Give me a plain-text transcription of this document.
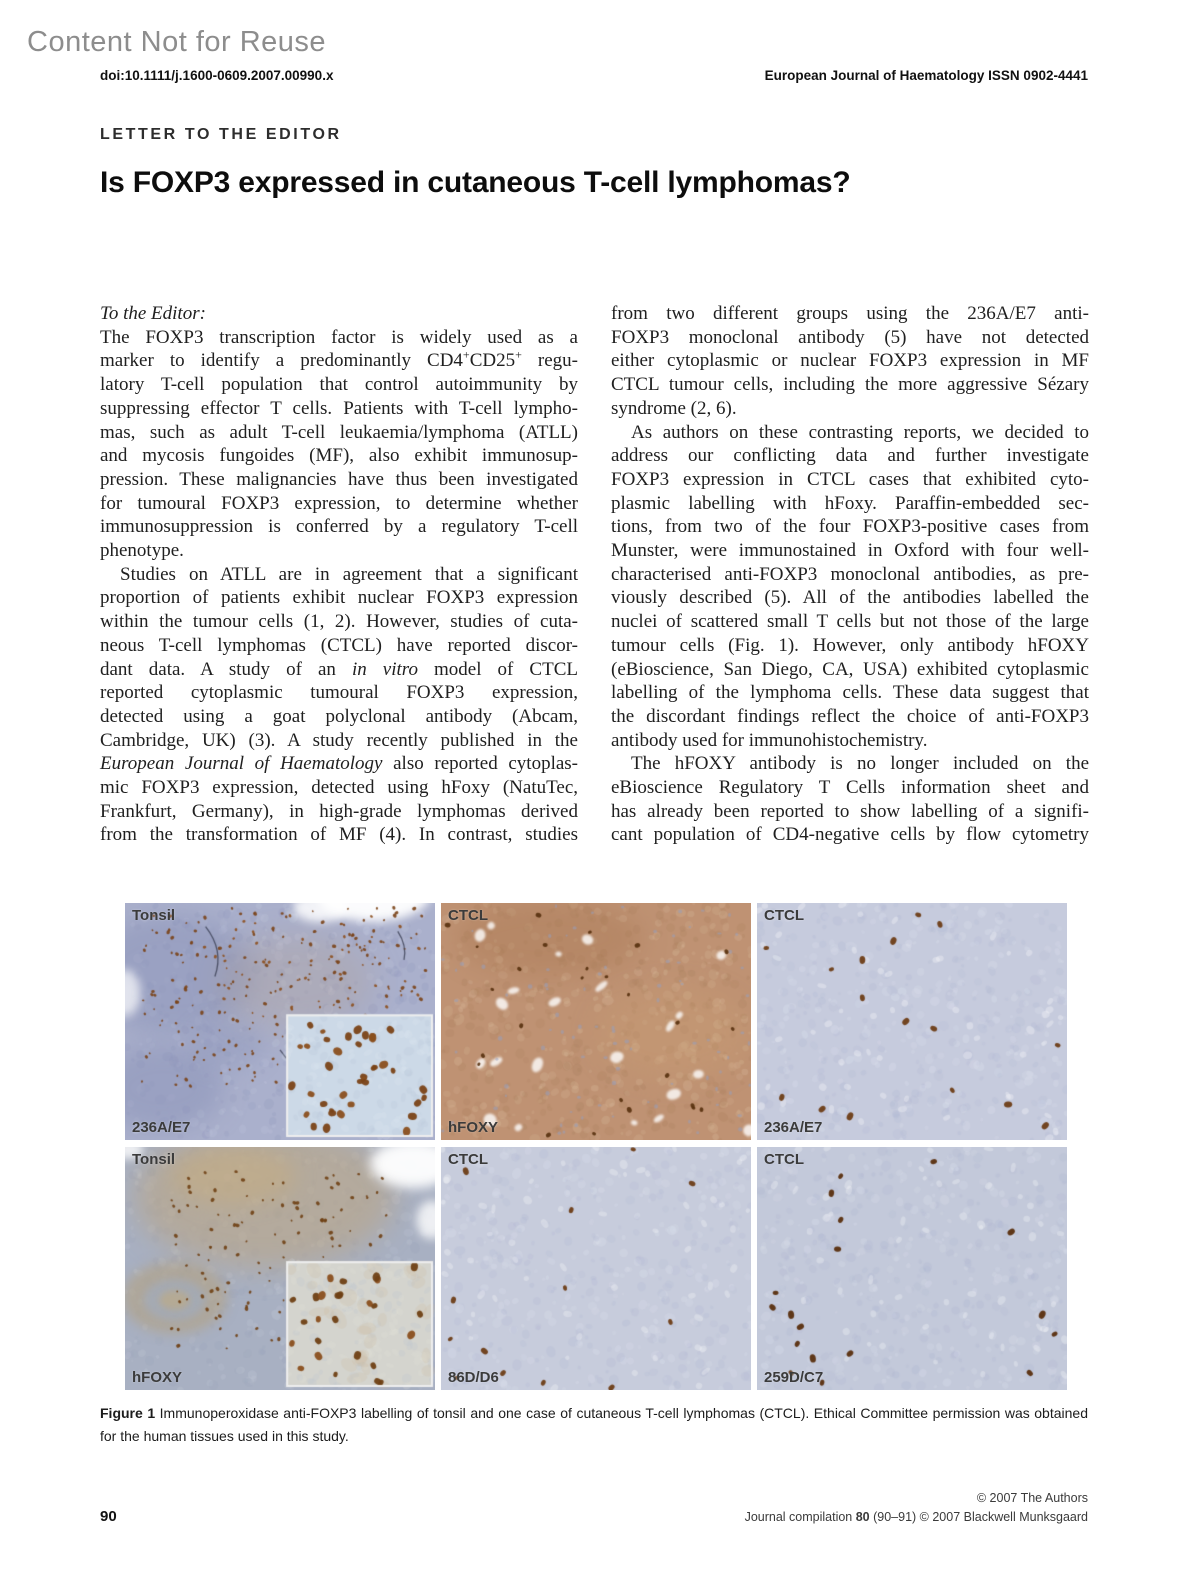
Content Not for Reuse
doi:10.1111/j.1600-0609.2007.00990.x	European Journal of Haematology ISSN 0902-4441
LETTER TO THE EDITOR
Is FOXP3 expressed in cutaneous T-cell lymphomas?
To the Editor:
The FOXP3 transcription factor is widely used as a
marker to identify a predominantly CD4+CD25+ regu-
latory T-cell population that control autoimmunity by
suppressing effector T cells. Patients with T-cell lympho-
mas, such as adult T-cell leukaemia/lymphoma (ATLL)
and mycosis fungoides (MF), also exhibit immunosup-
pression. These malignancies have thus been investigated
for tumoural FOXP3 expression, to determine whether
immunosuppression is conferred by a regulatory T-cell
phenotype.
Studies on ATLL are in agreement that a significant
proportion of patients exhibit nuclear FOXP3 expression
within the tumour cells (1, 2). However, studies of cuta-
neous T-cell lymphomas (CTCL) have reported discor-
dant data. A study of an in vitro model of CTCL
reported cytoplasmic tumoural FOXP3 expression,
detected using a goat polyclonal antibody (Abcam,
Cambridge, UK) (3). A study recently published in the
European Journal of Haematology also reported cytoplas-
mic FOXP3 expression, detected using hFoxy (NatuTec,
Frankfurt, Germany), in high-grade lymphomas derived
from the transformation of MF (4). In contrast, studies
from two different groups using the 236A/E7 anti-
FOXP3 monoclonal antibody (5) have not detected
either cytoplasmic or nuclear FOXP3 expression in MF
CTCL tumour cells, including the more aggressive Sézary
syndrome (2, 6).
As authors on these contrasting reports, we decided to
address our conflicting data and further investigate
FOXP3 expression in CTCL cases that exhibited cyto-
plasmic labelling with hFoxy. Paraffin-embedded sec-
tions, from two of the four FOXP3-positive cases from
Munster, were immunostained in Oxford with four well-
characterised anti-FOXP3 monoclonal antibodies, as pre-
viously described (5). All of the antibodies labelled the
nuclei of scattered small T cells but not those of the large
tumour cells (Fig. 1). However, only antibody hFOXY
(eBioscience, San Diego, CA, USA) exhibited cytoplasmic
labelling of the lymphoma cells. These data suggest that
the discordant findings reflect the choice of anti-FOXP3
antibody used for immunohistochemistry.
The hFOXY antibody is no longer included on the
eBioscience Regulatory T Cells information sheet and
has already been reported to show labelling of a signifi-
cant population of CD4-negative cells by flow cytometry
Tonsil
236A/E7
CTCL
hFOXY
CTCL
236A/E7
Tonsil
hFOXY
CTCL
86D/D6
CTCL
259D/C7
Figure 1 Immunoperoxidase anti-FOXP3 labelling of tonsil and one case of cutaneous T-cell lymphomas (CTCL). Ethical Committee permission was obtained for the human tissues used in this study.
90
© 2007 The Authors
Journal compilation 80 (90–91) © 2007 Blackwell Munksgaard
